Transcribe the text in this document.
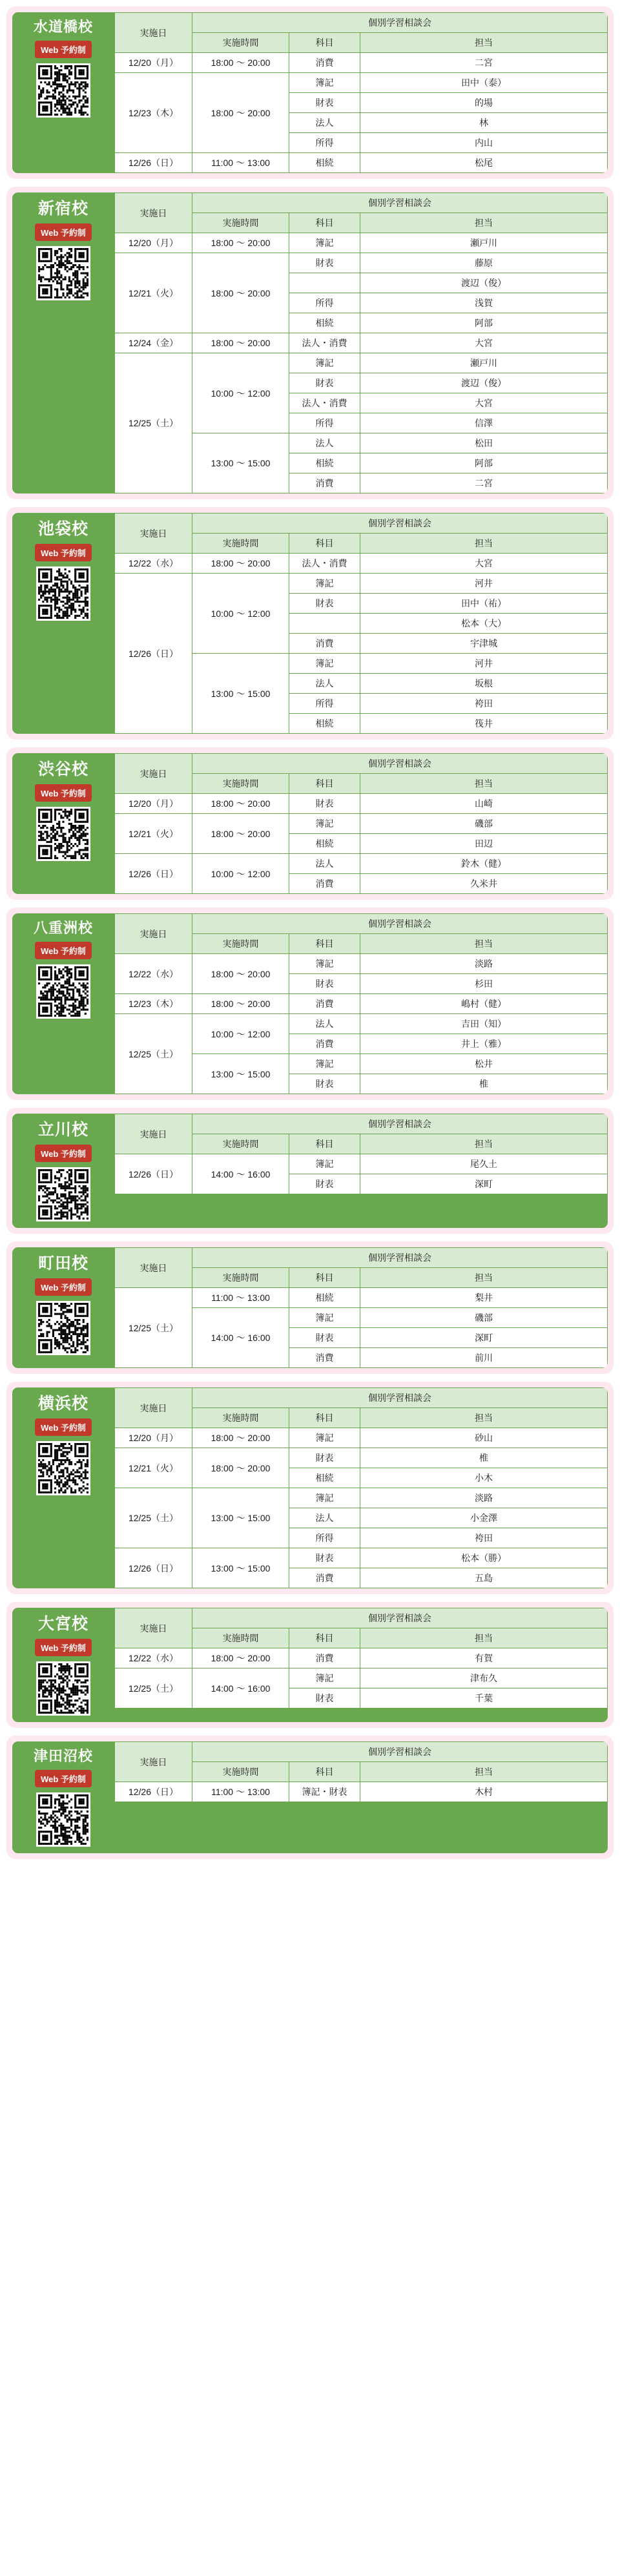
水道橋校
Web 予約制
実施日	個別学習相談会		
	実施時間	科目	担当
12/20（月）	18:00 ～ 20:00	消費	二宮
12/23（木）	18:00 ～ 20:00	簿記	田中（泰）
		財表	的場
		法人	林
		所得	内山
12/26（日）	11:00 ～ 13:00	相続	松尾
新宿校
Web 予約制
実施日	個別学習相談会		
	実施時間	科目	担当
12/20（月）	18:00 ～ 20:00	簿記	瀬戸川
12/21（火）	18:00 ～ 20:00	財表	藤原
			渡辺（俊）
		所得	浅賀
		相続	阿部
12/24（金）	18:00 ～ 20:00	法人・消費	大宮
12/25（土）	10:00 ～ 12:00	簿記	瀬戸川
		財表	渡辺（俊）
		法人・消費	大宮
		所得	信澤
	13:00 ～ 15:00	法人	松田
		相続	阿部
		消費	二宮
池袋校
Web 予約制
実施日	個別学習相談会		
	実施時間	科目	担当
12/22（水）	18:00 ～ 20:00	法人・消費	大宮
12/26（日）	10:00 ～ 12:00	簿記	河井
		財表	田中（祐）
			松本（大）
		消費	宇津城
	13:00 ～ 15:00	簿記	河井
		法人	坂根
		所得	袴田
		相続	筏井
渋谷校
Web 予約制
実施日	個別学習相談会		
	実施時間	科目	担当
12/20（月）	18:00 ～ 20:00	財表	山崎
12/21（火）	18:00 ～ 20:00	簿記	磯部
		相続	田辺
12/26（日）	10:00 ～ 12:00	法人	鈴木（健）
		消費	久米井
八重洲校
Web 予約制
実施日	個別学習相談会		
	実施時間	科目	担当
12/22（水）	18:00 ～ 20:00	簿記	淡路
		財表	杉田
12/23（木）	18:00 ～ 20:00	消費	嶋村（健）
12/25（土）	10:00 ～ 12:00	法人	吉田（知）
		消費	井上（雅）
	13:00 ～ 15:00	簿記	松井
		財表	椎
立川校
Web 予約制
実施日	個別学習相談会		
	実施時間	科目	担当
12/26（日）	14:00 ～ 16:00	簿記	尾久土
		財表	深町
町田校
Web 予約制
実施日	個別学習相談会		
	実施時間	科目	担当
12/25（土）	11:00 ～ 13:00	相続	梨井
	14:00 ～ 16:00	簿記	磯部
		財表	深町
		消費	前川
横浜校
Web 予約制
実施日	個別学習相談会		
	実施時間	科目	担当
12/20（月）	18:00 ～ 20:00	簿記	砂山
12/21（火）	18:00 ～ 20:00	財表	椎
		相続	小木
12/25（土）	13:00 ～ 15:00	簿記	淡路
		法人	小金澤
		所得	袴田
12/26（日）	13:00 ～ 15:00	財表	松本（勝）
		消費	五島
大宮校
Web 予約制
実施日	個別学習相談会		
	実施時間	科目	担当
12/22（水）	18:00 ～ 20:00	消費	有賀
12/25（土）	14:00 ～ 16:00	簿記	津布久
		財表	千葉
津田沼校
Web 予約制
実施日	個別学習相談会		
	実施時間	科目	担当
12/26（日）	11:00 ～ 13:00	簿記・財表	木村
